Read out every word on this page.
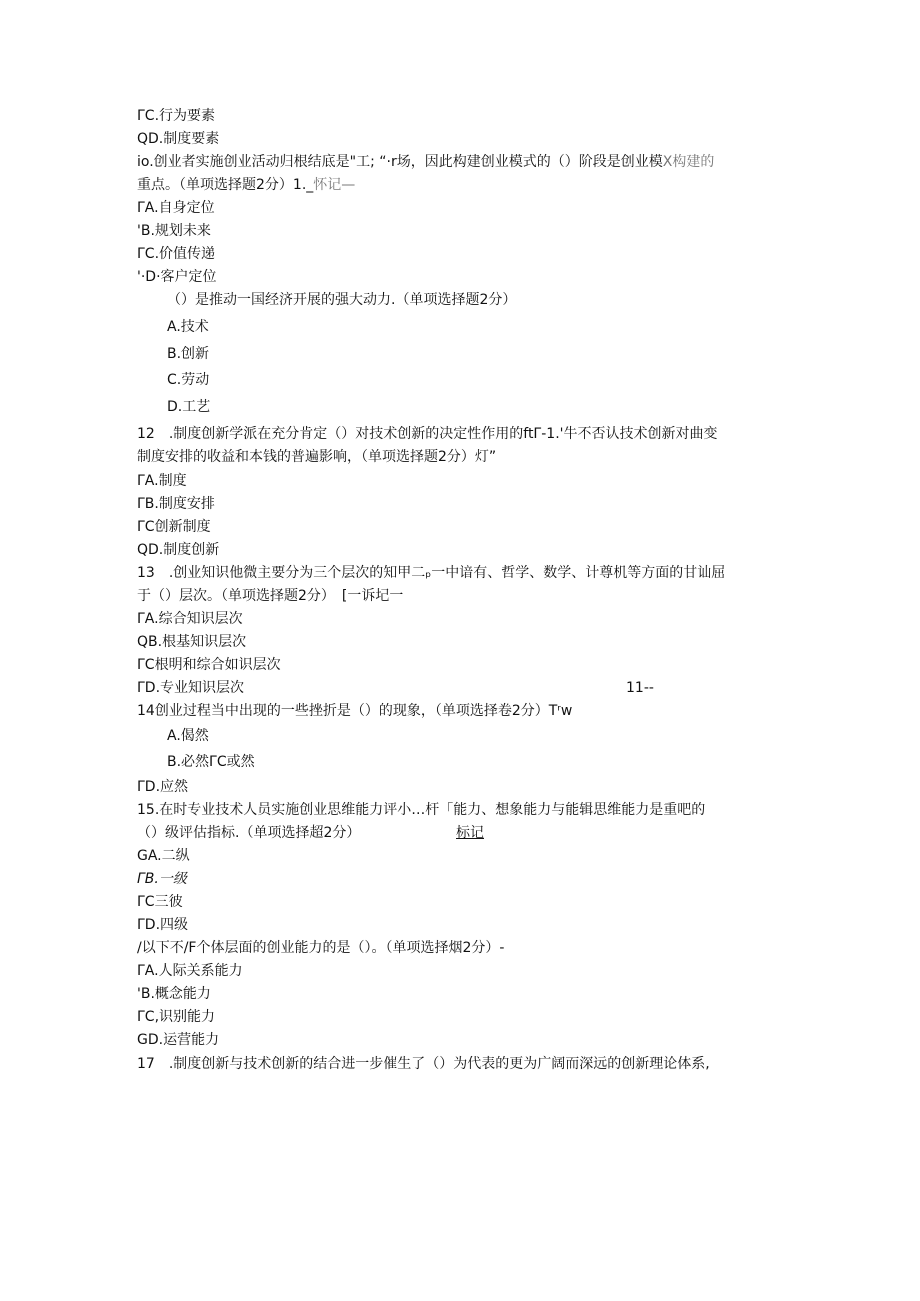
ΓC.行为要素
QD.制度要素
io.创业者实施创业活动归根结底是"工; “·r场，因此构建创业模式的（）阶段是创业模X构建的
重点。（单项选择题2分）1._怀记—
ΓA.自身定位
'B.规划未来
ΓC.价值传递
'·D·客户定位
（）是推动一国经济开展的强大动力.（单项选择题2分）
A.技术
B.创新
C.劳动
D.工艺
12　.制度创新学派在充分肯定（）对技术创新的决定性作用的ftΓ-1.'牛不否认技术创新对曲变
制度安排的收益和本钱的普遍影响，（单项选择题2分）灯”
ΓA.制度
ΓB.制度安排
ΓC创新制度
QD.制度创新
13　.创业知识他微主要分为三个层次的知甲二ₚ一中谙有、哲学、数学、计尊机等方面的甘讪屈
于（）层次。（单项选择题2分）　[一诉圮一
ΓA.综合知识层次
QB.根基知识层次
ΓC根明和综合如识层次
ΓD.专业知识层次	11--
14创业过程当中出现的一些挫折是（）的现象，（单项选择卷2分）Tʳw
A.偈然
B.必然ΓC或然
ΓD.应然
15.在时专业技术人员实施创业思维能力评小…杆「能力、想象能力与能辑思维能力是重吧的
（）级评估指标.（单项选择超2分）	标记
GA.二纵
ΓB.一级
ΓC三彼
ΓD.四级
/以下不/F个体层面的创业能力的是（）。（单项选择烟2分）-
ΓA.人际关系能力
'B.概念能力
ΓC,识别能力
GD.运营能力
17　.制度创新与技术创新的结合进一步催生了（）为代表的更为广阔而深远的创新理论体系,
